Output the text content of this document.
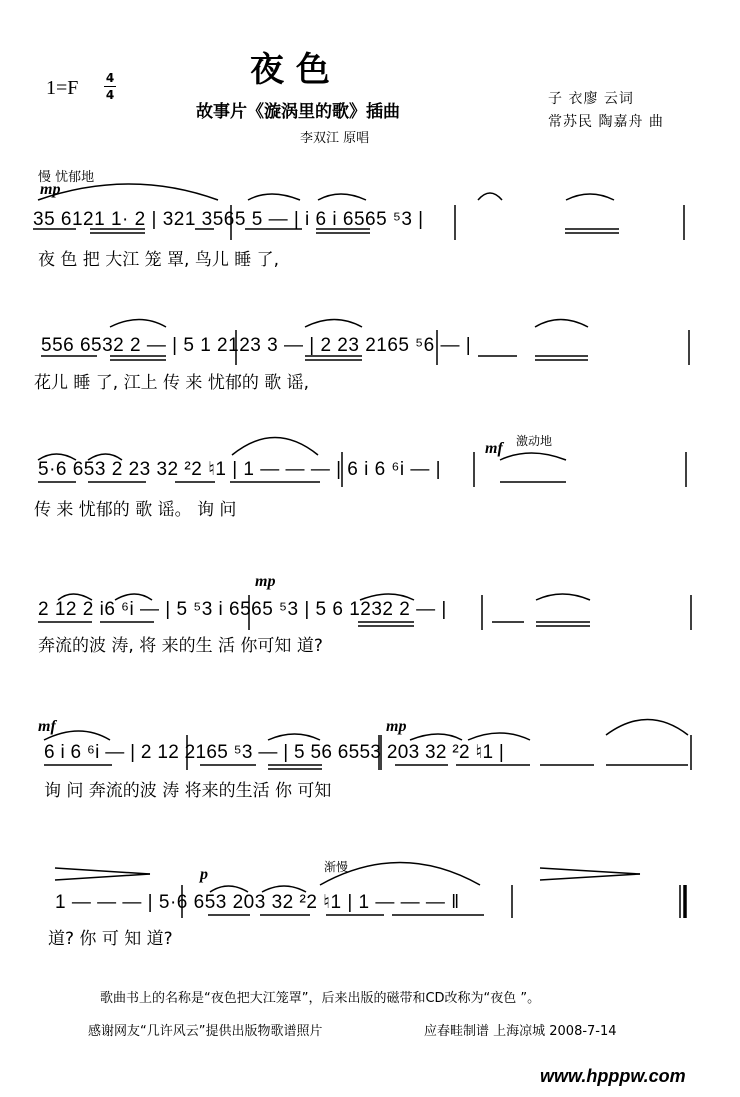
1=F 4
4
夜 色
故事片《漩涡里的歌》插曲
李双江 原唱
子 衣廖 云词
常苏民 陶嘉舟 曲
慢 忧郁地
mp
35 6121 1· 2 | 321 3565 5 — | i 6 i 6565 ⁵3 |
夜 色 把 大江 笼 罩, 鸟儿 睡 了,
556 6532 2 — | 5 1 2123 3 — | 2 23 2165 ⁵6 — |
花儿 睡 了, 江上 传 来 忧郁的 歌 谣,
mf 激动地
5·6 653 2 23 32 ²2 ♮1 | 1 — — — | 6 i 6 ⁶i — |
传 来 忧郁的 歌 谣。 询 问
mp
2 12 2 i6 ⁶i — | 5 ⁵3 i 6565 ⁵3 | 5 6 1232 2 — |
奔流的波 涛, 将 来的生 活 你可知 道?
mf	mp
6 i 6 ⁶i — | 2 12 2165 ⁵3 — | 5 56 6553 203 32 ²2 ♮1 |
询 问 奔流的波 涛 将来的生活 你 可知
p	渐慢
1 — — — | 5·6 653 203 32 ²2 ♮1 | 1 — — — ‖
道? 你 可 知 道?
歌曲书上的名称是“夜色把大江笼罩”，后来出版的磁带和CD改称为“夜色 ”。
感谢网友“几许风云”提供出版物歌谱照片	应春畦制谱 上海凉城 2008-7-14
www.hpppw.com
